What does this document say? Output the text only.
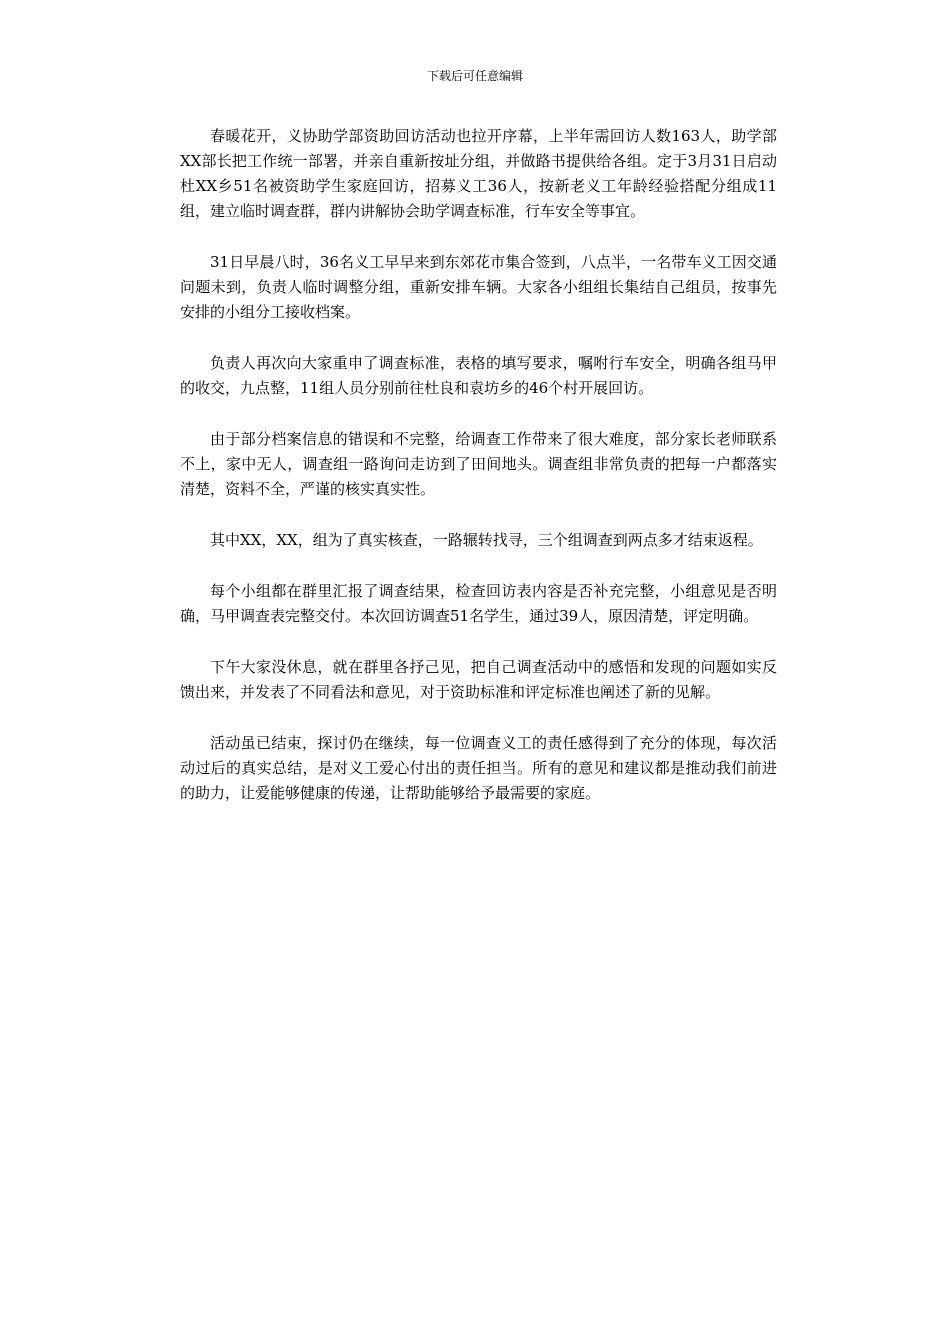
下载后可任意编辑

春暖花开，义协助学部资助回访活动也拉开序幕，上半年需回访人数163人，助学部XX部长把工作统一部署，并亲自重新按址分组，并做路书提供给各组。定于3月31日启动杜XX乡51名被资助学生家庭回访，招募义工36人，按新老义工年龄经验搭配分组成11组，建立临时调查群，群内讲解协会助学调查标准，行车安全等事宜。

31日早晨八时，36名义工早早来到东郊花市集合签到，八点半，一名带车义工因交通问题未到，负责人临时调整分组，重新安排车辆。大家各小组组长集结自己组员，按事先安排的小组分工接收档案。

负责人再次向大家重申了调查标准，表格的填写要求，嘱咐行车安全，明确各组马甲的收交，九点整，11组人员分别前往杜良和袁坊乡的46个村开展回访。

由于部分档案信息的错误和不完整，给调查工作带来了很大难度，部分家长老师联系不上，家中无人，调查组一路询问走访到了田间地头。调查组非常负责的把每一户都落实清楚，资料不全，严谨的核实真实性。

其中XX，XX，组为了真实核查，一路辗转找寻，三个组调查到两点多才结束返程。

每个小组都在群里汇报了调查结果，检查回访表内容是否补充完整，小组意见是否明确，马甲调查表完整交付。本次回访调查51名学生，通过39人，原因清楚，评定明确。

下午大家没休息，就在群里各抒己见，把自己调查活动中的感悟和发现的问题如实反馈出来，并发表了不同看法和意见，对于资助标准和评定标准也阐述了新的见解。

活动虽已结束，探讨仍在继续，每一位调查义工的责任感得到了充分的体现，每次活动过后的真实总结，是对义工爱心付出的责任担当。所有的意见和建议都是推动我们前进的助力，让爱能够健康的传递，让帮助能够给予最需要的家庭。
